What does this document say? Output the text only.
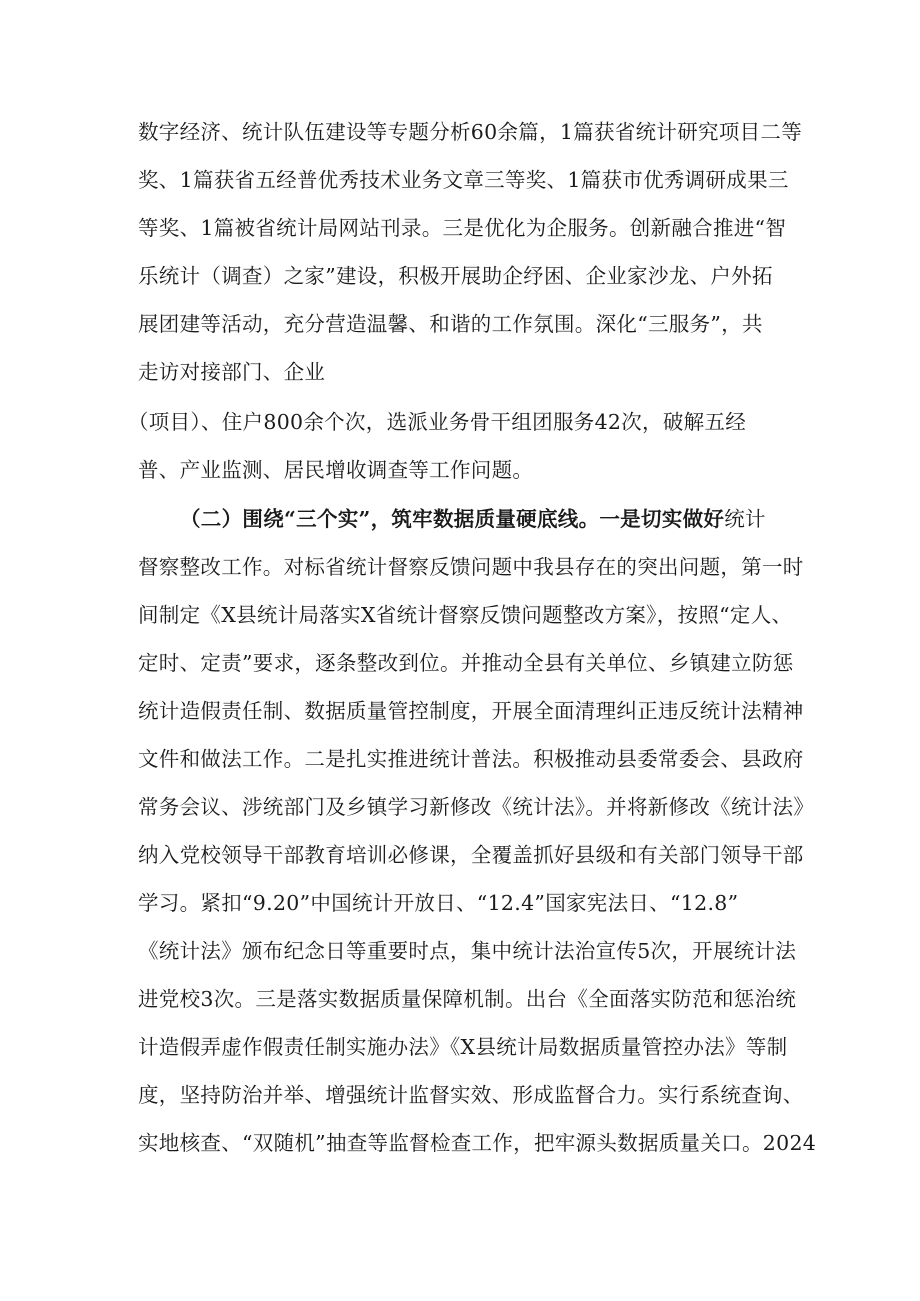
数字经济、统计队伍建设等专题分析60余篇，1篇获省统计研究项目二等
奖、1篇获省五经普优秀技术业务文章三等奖、1篇获市优秀调研成果三
等奖、1篇被省统计局网站刊录。三是优化为企服务。创新融合推进“智
乐统计（调查）之家”建设，积极开展助企纾困、企业家沙龙、户外拓
展团建等活动，充分营造温馨、和谐的工作氛围。深化“三服务”，共
走访对接部门、企业
（项目）、住户800余个次，选派业务骨干组团服务42次，破解五经
普、产业监测、居民增收调查等工作问题。
（二）围绕“三个实”，筑牢数据质量硬底线。一是切实做好统计
督察整改工作。对标省统计督察反馈问题中我县存在的突出问题，第一时
间制定《X县统计局落实X省统计督察反馈问题整改方案》，按照“定人、
定时、定责”要求，逐条整改到位。并推动全县有关单位、乡镇建立防惩
统计造假责任制、数据质量管控制度，开展全面清理纠正违反统计法精神
文件和做法工作。二是扎实推进统计普法。积极推动县委常委会、县政府
常务会议、涉统部门及乡镇学习新修改《统计法》。并将新修改《统计法》
纳入党校领导干部教育培训必修课，全覆盖抓好县级和有关部门领导干部
学习。紧扣“9.20”中国统计开放日、“12.4”国家宪法日、“12.8”
《统计法》颁布纪念日等重要时点，集中统计法治宣传5次，开展统计法
进党校3次。三是落实数据质量保障机制。出台《全面落实防范和惩治统
计造假弄虚作假责任制实施办法》《X县统计局数据质量管控办法》等制
度，坚持防治并举、增强统计监督实效、形成监督合力。实行系统查询、
实地核查、“双随机”抽查等监督检查工作，把牢源头数据质量关口。2024
